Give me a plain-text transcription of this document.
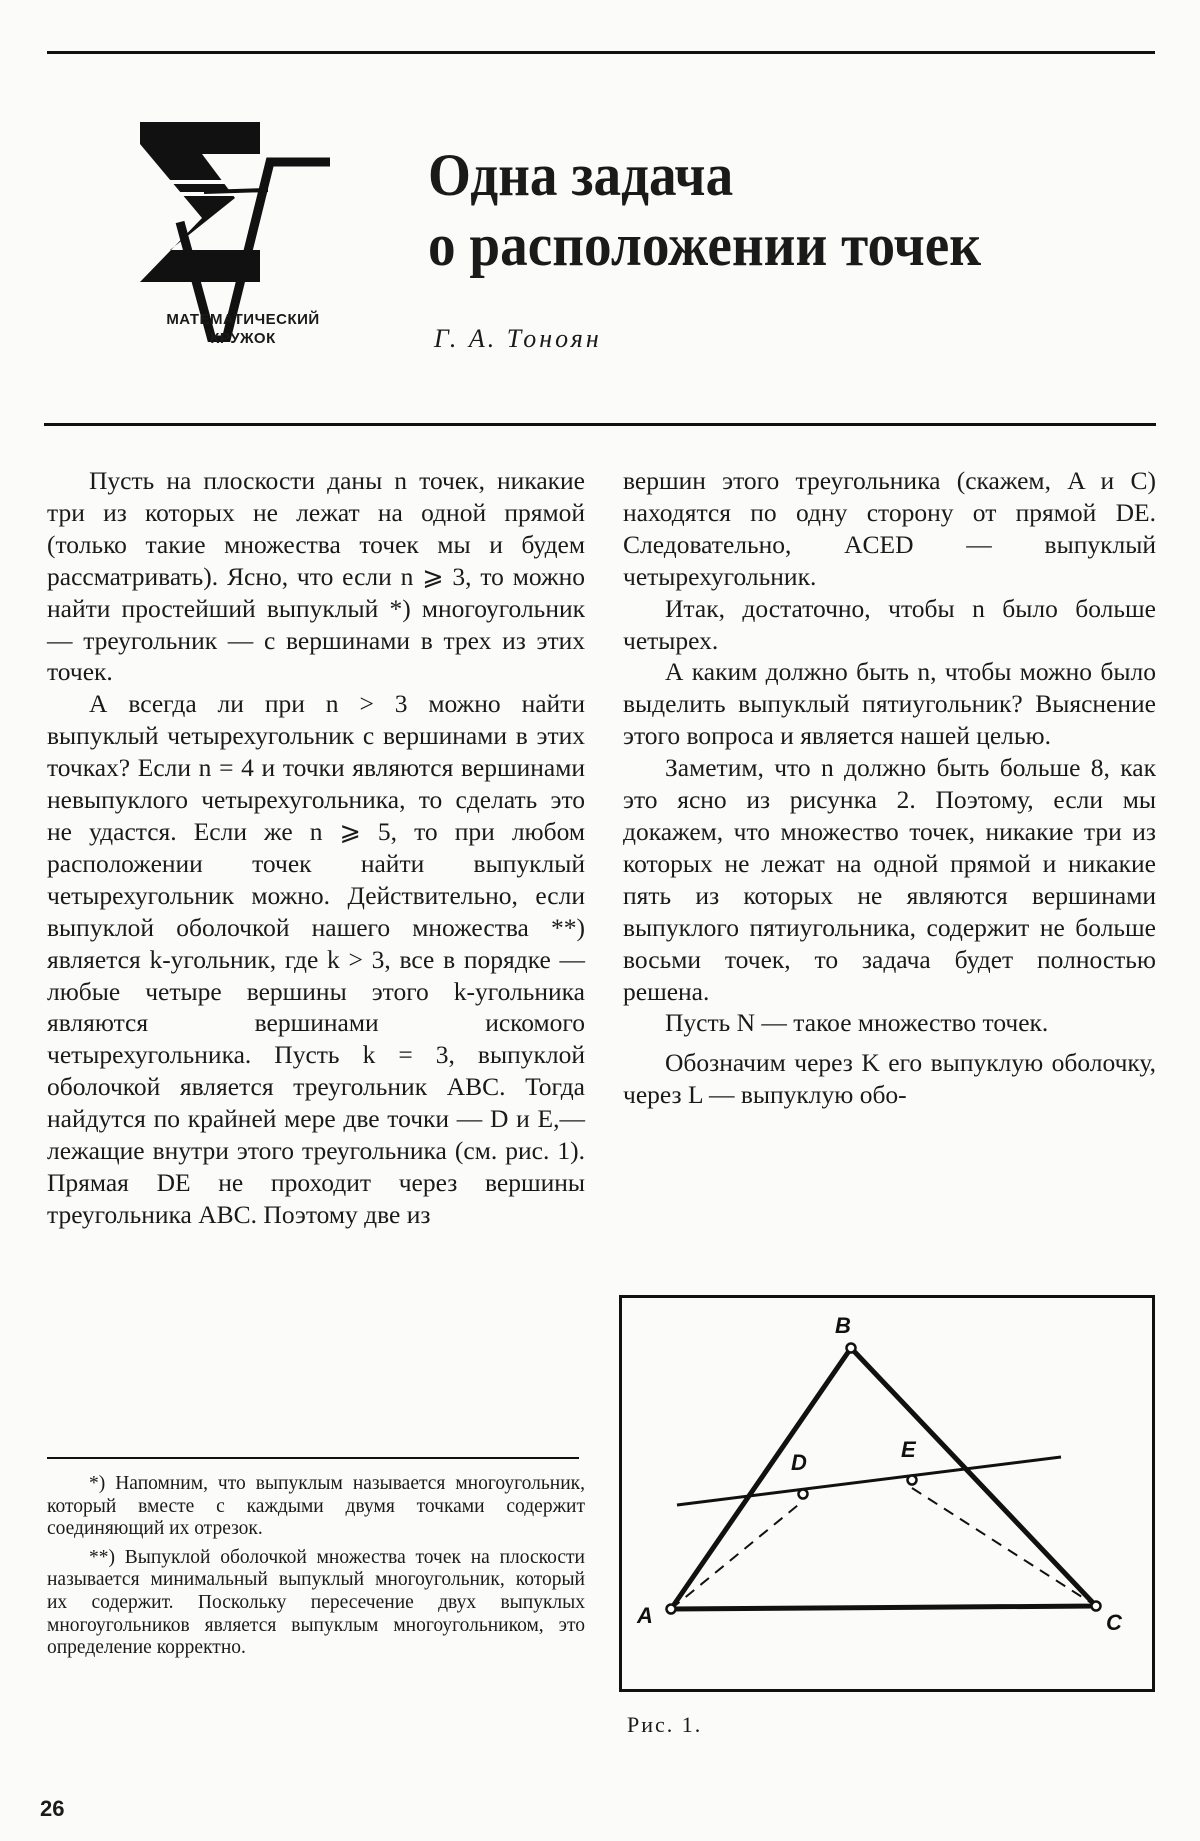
МАТЕМАТИЧЕСКИЙ
КРУЖОК
Одна задача
о расположении точек
Г. А. Тоноян

Пусть на плоскости даны n точек, никакие три из которых не лежат на одной прямой (только такие множества точек мы и будем рассматривать). Ясно, что если n ⩾ 3, то можно найти простейший выпуклый *) многоугольник — треугольник — с вершинами в трех из этих точек.

А всегда ли при n > 3 можно найти выпуклый четырехугольник с вершинами в этих точках? Если n = 4 и точки являются вершинами невыпуклого четырехугольника, то сделать это не удастся. Если же n ⩾ 5, то при любом расположении точек найти выпуклый четырехугольник можно. Действительно, если выпуклой оболочкой нашего множества **) является k-угольник, где k > 3, все в порядке — любые четыре вершины этого k-угольника являются вершинами искомого четырехугольника. Пусть k = 3, выпуклой оболочкой является треугольник ABC. Тогда найдутся по крайней мере две точки — D и E,— лежащие внутри этого треугольника (см. рис. 1). Прямая DE не проходит через вершины треугольника ABC. Поэтому две из

вершин этого треугольника (скажем, A и C) находятся по одну сторону от прямой DE. Следовательно, ACED — выпуклый четырехугольник.

Итак, достаточно, чтобы n было больше четырех.

А каким должно быть n, чтобы можно было выделить выпуклый пятиугольник? Выяснение этого вопроса и является нашей целью.

Заметим, что n должно быть больше 8, как это ясно из рисунка 2. Поэтому, если мы докажем, что множество точек, никакие три из которых не лежат на одной прямой и никакие пять из которых не являются вершинами выпуклого пятиугольника, содержит не больше восьми точек, то задача будет полностью решена.

Пусть N — такое множество точек.

Обозначим через K его выпуклую оболочку, через L — выпуклую обо-

*) Напомним, что выпуклым называется многоугольник, который вместе с каждыми двумя точками содержит соединяющий их отрезок.

**) Выпуклой оболочкой множества точек на плоскости называется минимальный выпуклый многоугольник, который их содержит. Поскольку пересечение двух выпуклых многоугольников является выпуклым многоугольником, это определение корректно.

A
B
C
D
E
Рис. 1.
26
